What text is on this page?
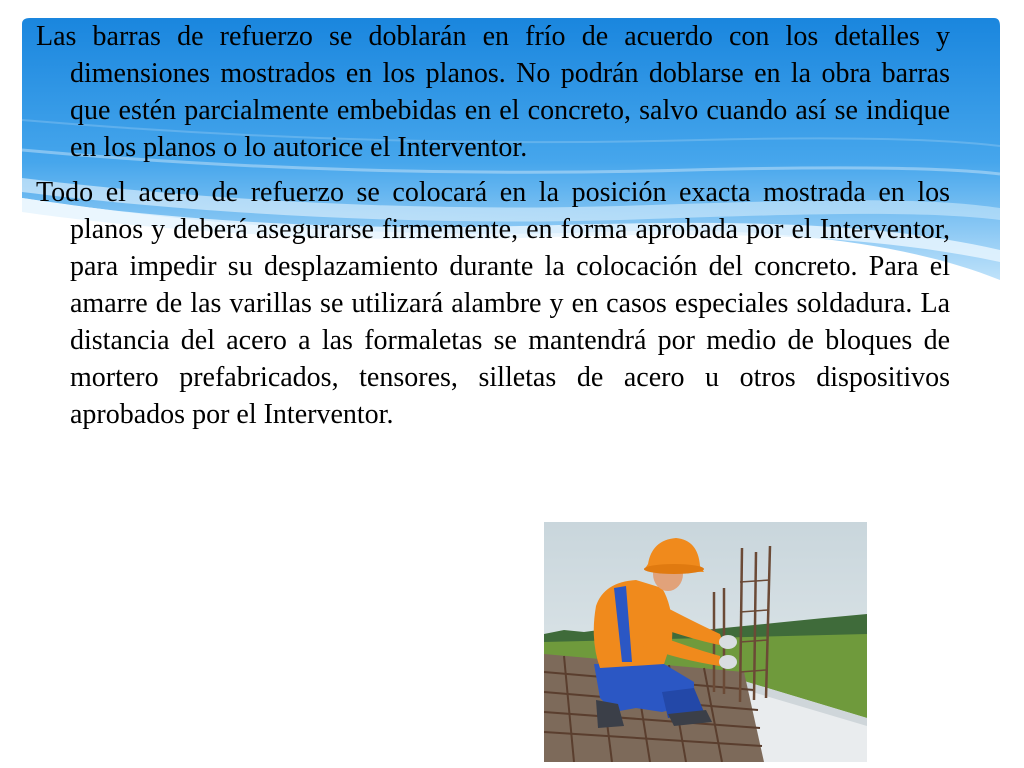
Las barras de refuerzo se doblarán en frío de acuerdo con los detalles y dimensiones mostrados en los planos. No podrán doblarse en la obra barras que estén parcialmente embebidas en el concreto, salvo cuando así se indique en los planos o lo autorice el Interventor.

Todo el acero de refuerzo se colocará en la posición exacta mostrada en los planos y deberá asegurarse firmemente, en forma aprobada por el Interventor, para impedir su desplazamiento durante la colocación del concreto. Para el amarre de las varillas se utilizará alambre y en casos especiales soldadura. La distancia del acero a las formaletas se mantendrá por medio de bloques de mortero prefabricados, tensores, silletas de acero u otros dispositivos aprobados por el Interventor.
